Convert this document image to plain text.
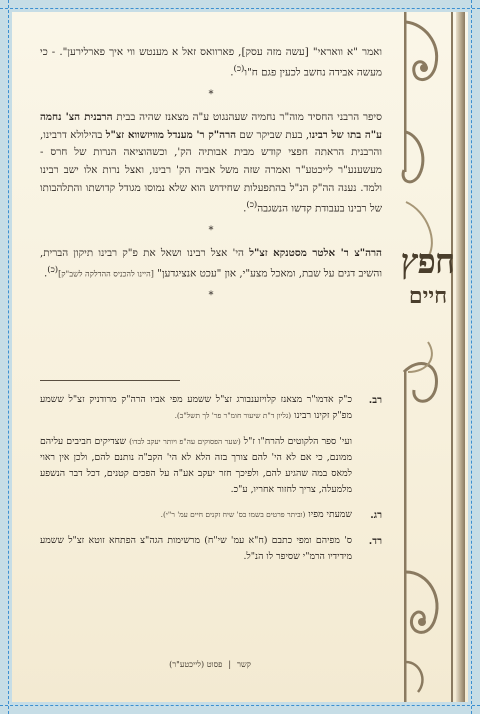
חפץ
חיים

ואמר "א וואראי" [עשה מזה עסק], פארוואס זאל א מענטש ווי איך פארלירען". - כי מעשה אבידה נחשב לכעין פגם ח"ו$^{(כ)}$.

*

סיפר הרבני החסיד מוה"ר נחמיה שעהנגוט ע"ה מצאנז שהיה בבית הרבנית הצ' נחמה ע"ה בתו של רבינו, בעת שביקר שם הרה"ק ר' מענדל מוויזשווא זצ"ל בהילולא דרבינו, והרבנית הראתה חפצי קודש מבית אבותיה הק', וכשהוציאה הנרות של חרס - מעשענע"ר לייכטע"ר ואמרה שזה משל אביה הק' רבינו, ואצל נרות אלו ישב רבינו ולמד. נענה הה"ק הנ"ל בהתפעלות שחידוש הוא שלא נמוסו מגודל קדושתו והתלהבותו של רבינו בעבודת קדשו הנשגבה$^{(כ)}$.

*

הרה"צ ר' אלטר מסטנקא זצ"ל הי' אצל רבינו ושאל את פ"ק רבינו תיקון הברית, והשיב דגים על שבת, ומאכל מצע"י, און "עכט אנציגדען" [היינו להכניס ההדלקה לשב"ק]$^{(כ)}$.

*
רב.
כ"ק אדמו"ר מצאנז קלויזענבורג זצ"ל ששמע מפי אביו הרה"ק מרודניק זצ"ל ששמע מפ"ק זקינו רבינו (גליון ד"ת שיעור חומ"ר פר' לך תשל"ב).
ועי' ספר הלקוטים להרח"ו ז"ל (שער הפסוקים עה"פ ויותר יעקב לבדו) שצדיקים חביבים עליהם ממונם, כי אם לא הי' להם צורך בזה הלא לא הי' הקב"ה נותנם להם, ולכן אין ראוי למאס במה שהגיע להם, ולפיכך חזר יעקב אע"ה על הפכים קטנים, דכל דבר הנשפע מלמעלה, צריך לחזור אחריו, ע"כ.
רג.
שמעתי מפיו (וביתר פרטים בשמו בס' שיח זקנים חיים עמ' ר"י).
רד.
ס' מפיהם ומפי כתבם (ח"א עמ' שי"ח) מרשימות הגה"צ הפתחא זוטא זצ"ל ששמע מידידיו הרמ"י שסיפר לו הנ"ל.
קשר|פסוט (לייכטע"ר)
